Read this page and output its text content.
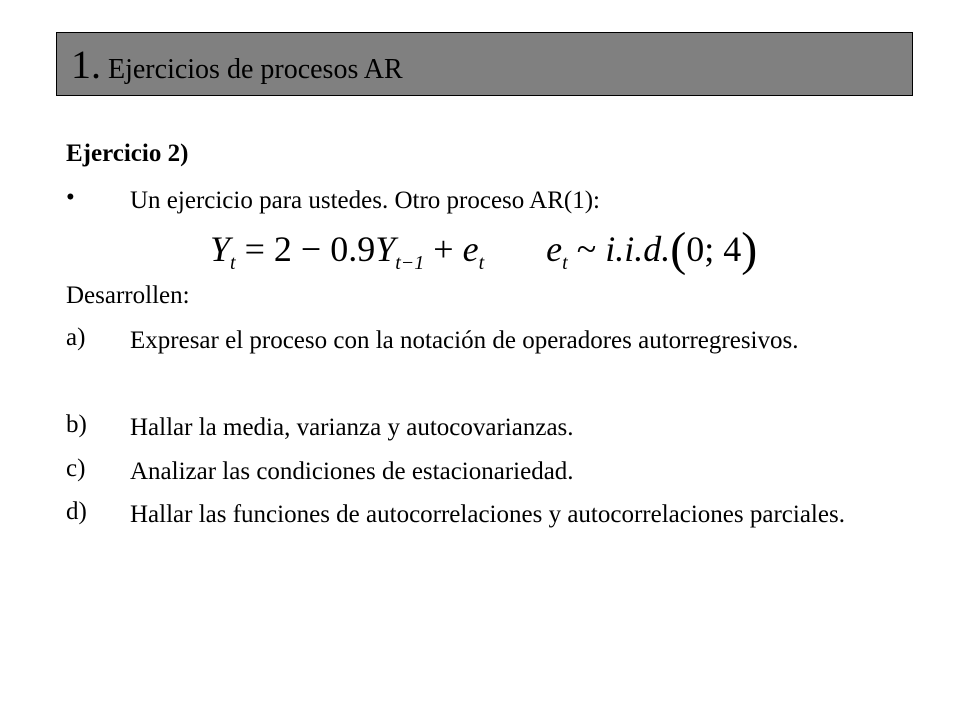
1. Ejercicios de procesos AR
Ejercicio 2)
•	Un ejercicio para ustedes. Otro proceso AR(1):
Desarrollen:
a)	Expresar el proceso con la notación de operadores autorregresivos.
b)	Hallar la media, varianza y autocovarianzas.
c)	Analizar las condiciones de estacionariedad.
d)	Hallar las funciones de autocorrelaciones y autocorrelaciones parciales.
$Y_t = 2 - 0.9Y_{t-1} + e_t$ $e_t$ ~ i.i.d.(0; 4)
